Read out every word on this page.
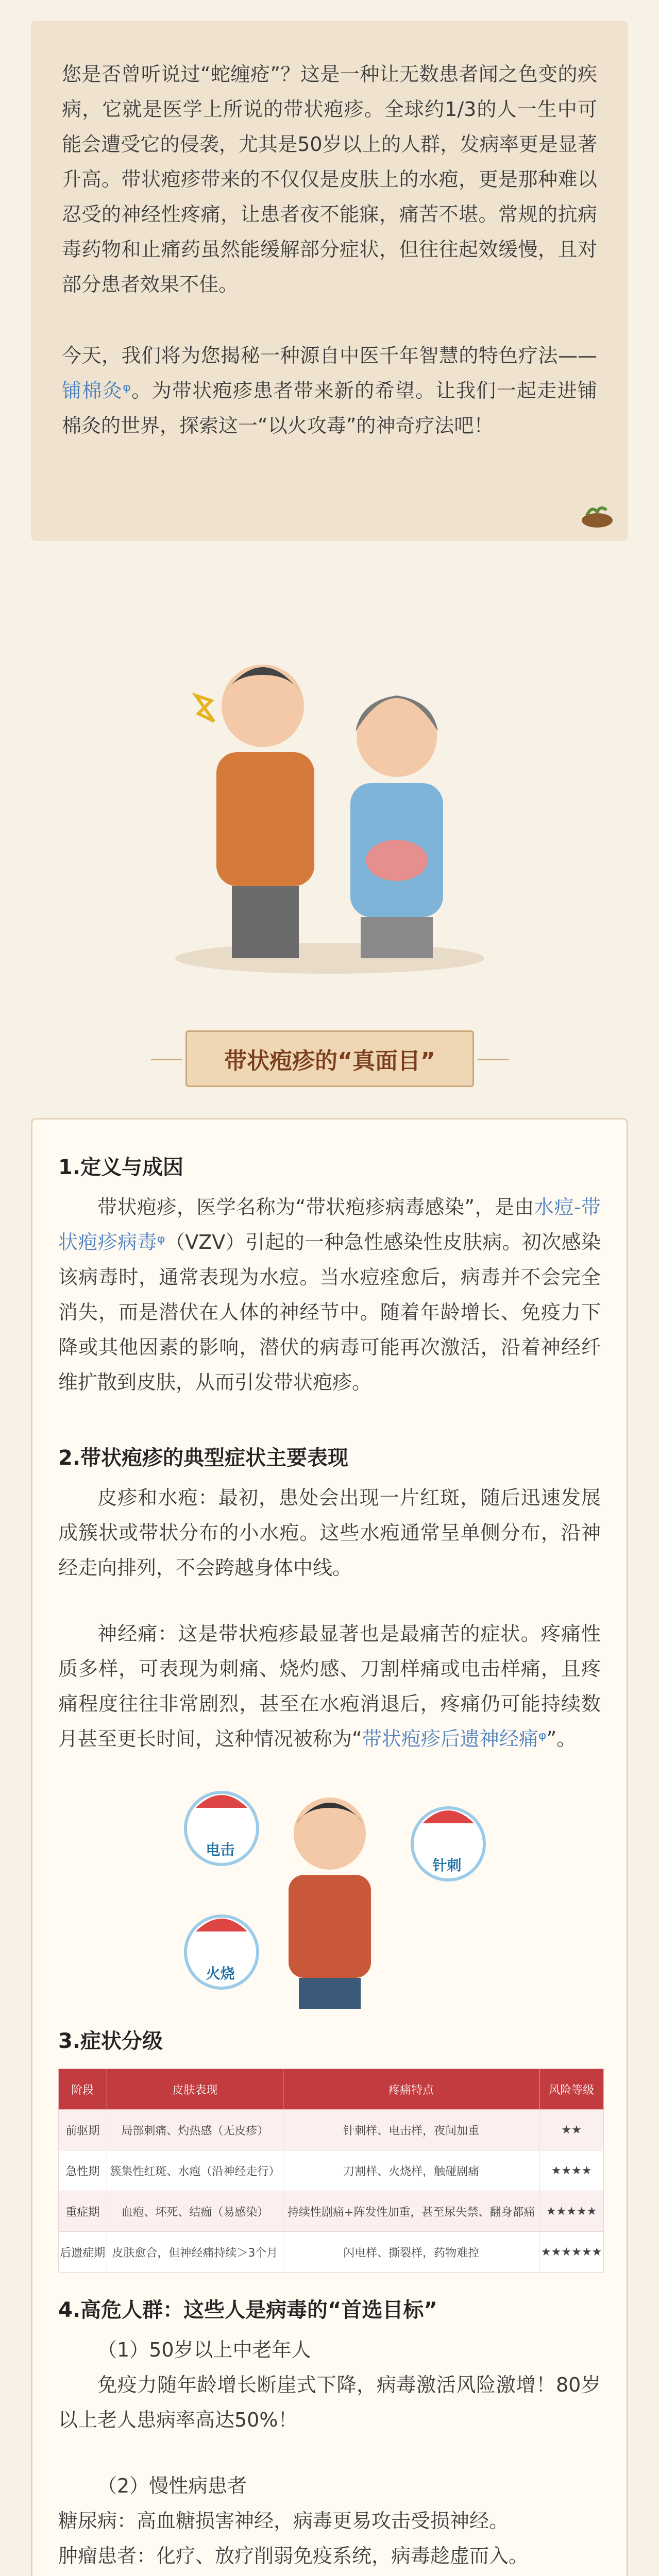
您是否曾听说过“蛇缠疮”？这是一种让无数患者闻之色变的疾病，它就是医学上所说的带状疱疹。全球约1/3的人一生中可能会遭受它的侵袭，尤其是50岁以上的人群，发病率更是显著升高。带状疱疹带来的不仅仅是皮肤上的水疱，更是那种难以忍受的神经性疼痛，让患者夜不能寐，痛苦不堪。常规的抗病毒药物和止痛药虽然能缓解部分症状，但往往起效缓慢，且对部分患者效果不佳。

今天，我们将为您揭秘一种源自中医千年智慧的特色疗法——铺棉灸ᵠ。为带状疱疹患者带来新的希望。让我们一起走进铺棉灸的世界，探索这一“以火攻毒”的神奇疗法吧！

带状疱疹的“真面目”
1.定义与成因

带状疱疹，医学名称为“带状疱疹病毒感染”，是由水痘-带状疱疹病毒ᵠ（VZV）引起的一种急性感染性皮肤病。初次感染该病毒时，通常表现为水痘。当水痘痊愈后，病毒并不会完全消失，而是潜伏在人体的神经节中。随着年龄增长、免疫力下降或其他因素的影响，潜伏的病毒可能再次激活，沿着神经纤维扩散到皮肤，从而引发带状疱疹。

2.带状疱疹的典型症状主要表现

皮疹和水疱：最初，患处会出现一片红斑，随后迅速发展成簇状或带状分布的小水疱。这些水疱通常呈单侧分布，沿神经走向排列，不会跨越身体中线。

神经痛：这是带状疱疹最显著也是最痛苦的症状。疼痛性质多样，可表现为刺痛、烧灼感、刀割样痛或电击样痛，且疼痛程度往往非常剧烈，甚至在水疱消退后，疼痛仍可能持续数月甚至更长时间，这种情况被称为“带状疱疹后遗神经痛ᵠ”。

电击
针刺
火烧
3.症状分级
阶段	皮肤表现	疼痛特点	风险等级
前驱期	局部刺痛、灼热感（无皮疹）	针刺样、电击样，夜间加重	★★
急性期	簇集性红斑、水疱（沿神经走行）	刀割样、火烧样，触碰剧痛	★★★★
重症期	血疱、坏死、结痂（易感染）	持续性剧痛+阵发性加重，甚至尿失禁、翻身都痛	★★★★★
后遗症期	皮肤愈合，但神经痛持续＞3个月	闪电样、撕裂样，药物难控	★★★★★★
4.高危人群：这些人是病毒的“首选目标”

（1）50岁以上中老年人

免疫力随年龄增长断崖式下降，病毒激活风险激增！80岁以上老人患病率高达50%！

（2）慢性病患者

糖尿病：高血糖损害神经，病毒更易攻击受损神经。

肿瘤患者：化疗、放疗削弱免疫系统，病毒趁虚而入。
